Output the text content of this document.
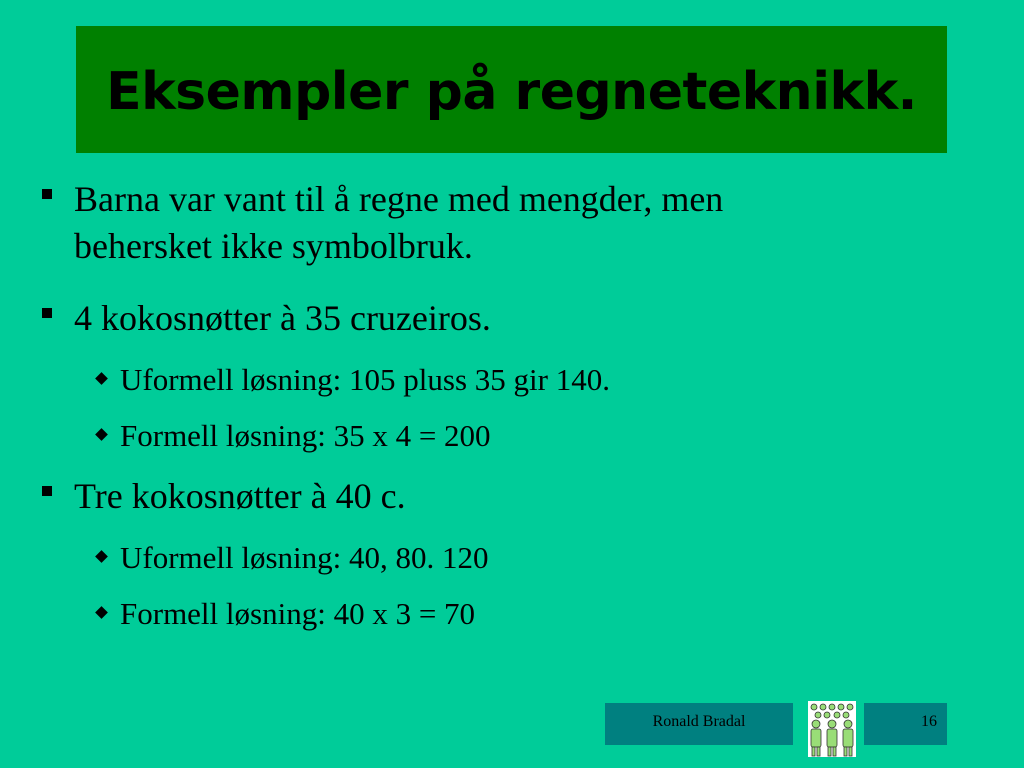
Eksempler på regneteknikk.
Barna var vant til å regne med mengder, men
behersket ikke symbolbruk.
4 kokosnøtter à 35 cruzeiros.
Uformell løsning: 105 pluss 35 gir 140.
Formell løsning: 35 x 4 = 200
Tre kokosnøtter à 40 c.
Uformell løsning: 40, 80. 120
Formell løsning: 40 x 3 = 70
Ronald Bradal	16
